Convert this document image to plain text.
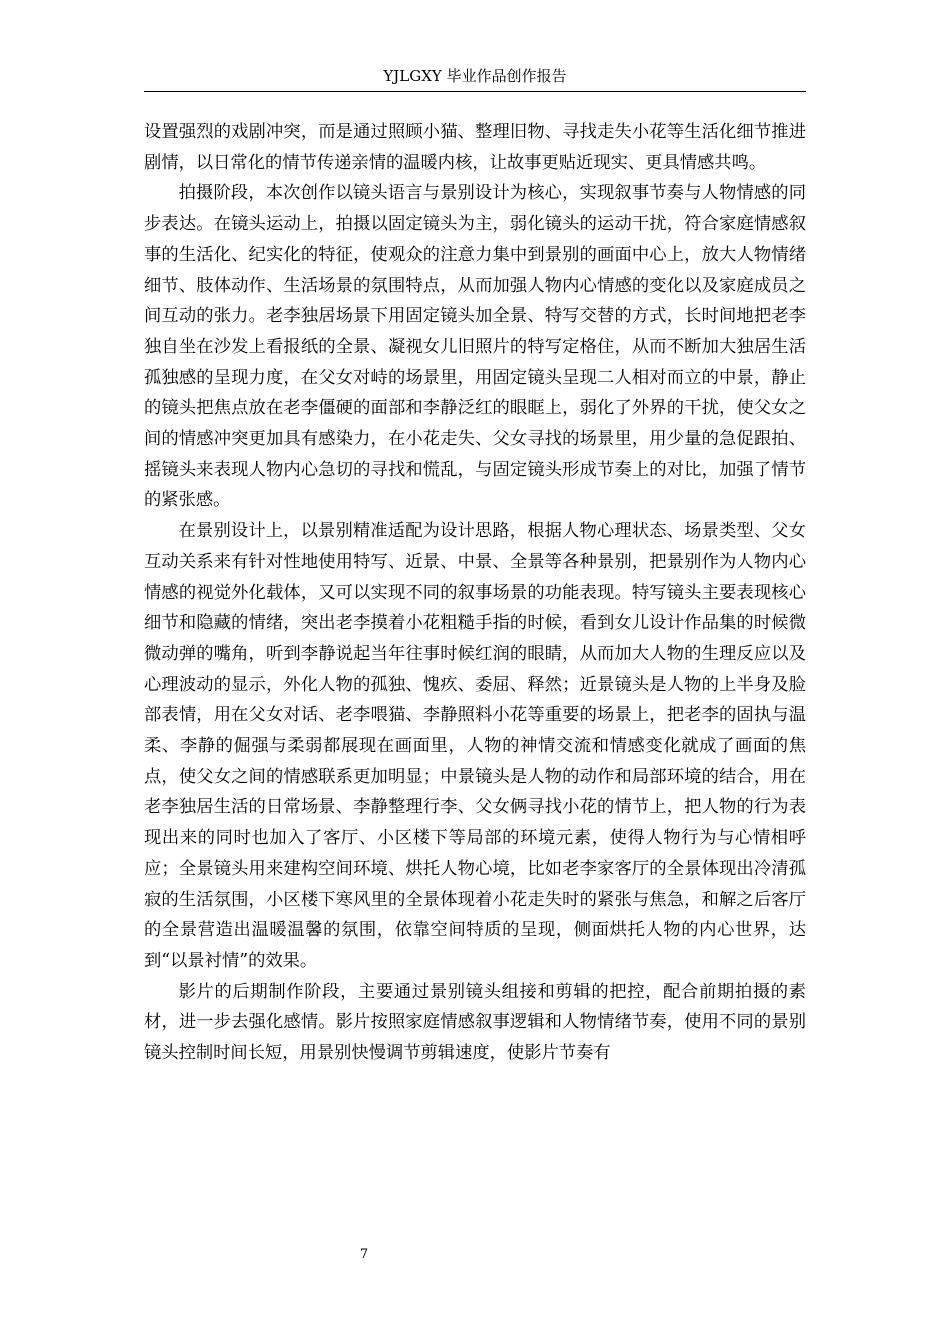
YJLGXY 毕业作品创作报告

设置强烈的戏剧冲突，而是通过照顾小猫、整理旧物、寻找走失小花等生活化细节推进剧情，以日常化的情节传递亲情的温暖内核，让故事更贴近现实、更具情感共鸣。

拍摄阶段，本次创作以镜头语言与景别设计为核心，实现叙事节奏与人物情感的同步表达。在镜头运动上，拍摄以固定镜头为主，弱化镜头的运动干扰，符合家庭情感叙事的生活化、纪实化的特征，使观众的注意力集中到景别的画面中心上，放大人物情绪细节、肢体动作、生活场景的氛围特点，从而加强人物内心情感的变化以及家庭成员之间互动的张力。老李独居场景下用固定镜头加全景、特写交替的方式，长时间地把老李独自坐在沙发上看报纸的全景、凝视女儿旧照片的特写定格住，从而不断加大独居生活孤独感的呈现力度，在父女对峙的场景里，用固定镜头呈现二人相对而立的中景，静止的镜头把焦点放在老李僵硬的面部和李静泛红的眼眶上，弱化了外界的干扰，使父女之间的情感冲突更加具有感染力，在小花走失、父女寻找的场景里，用少量的急促跟拍、摇镜头来表现人物内心急切的寻找和慌乱，与固定镜头形成节奏上的对比，加强了情节的紧张感。

在景别设计上，以景别精准适配为设计思路，根据人物心理状态、场景类型、父女互动关系来有针对性地使用特写、近景、中景、全景等各种景别，把景别作为人物内心情感的视觉外化载体，又可以实现不同的叙事场景的功能表现。特写镜头主要表现核心细节和隐藏的情绪，突出老李摸着小花粗糙手指的时候，看到女儿设计作品集的时候微微动弹的嘴角，听到李静说起当年往事时候红润的眼睛，从而加大人物的生理反应以及心理波动的显示，外化人物的孤独、愧疚、委屈、释然；近景镜头是人物的上半身及脸部表情，用在父女对话、老李喂猫、李静照料小花等重要的场景上，把老李的固执与温柔、李静的倔强与柔弱都展现在画面里，人物的神情交流和情感变化就成了画面的焦点，使父女之间的情感联系更加明显；中景镜头是人物的动作和局部环境的结合，用在老李独居生活的日常场景、李静整理行李、父女俩寻找小花的情节上，把人物的行为表现出来的同时也加入了客厅、小区楼下等局部的环境元素，使得人物行为与心情相呼应；全景镜头用来建构空间环境、烘托人物心境，比如老李家客厅的全景体现出冷清孤寂的生活氛围，小区楼下寒风里的全景体现着小花走失时的紧张与焦急，和解之后客厅的全景营造出温暖温馨的氛围，依靠空间特质的呈现，侧面烘托人物的内心世界，达到“以景衬情”的效果。

影片的后期制作阶段，主要通过景别镜头组接和剪辑的把控，配合前期拍摄的素材，进一步去强化感情。影片按照家庭情感叙事逻辑和人物情绪节奏，使用不同的景别镜头控制时间长短，用景别快慢调节剪辑速度，使影片节奏有

7
